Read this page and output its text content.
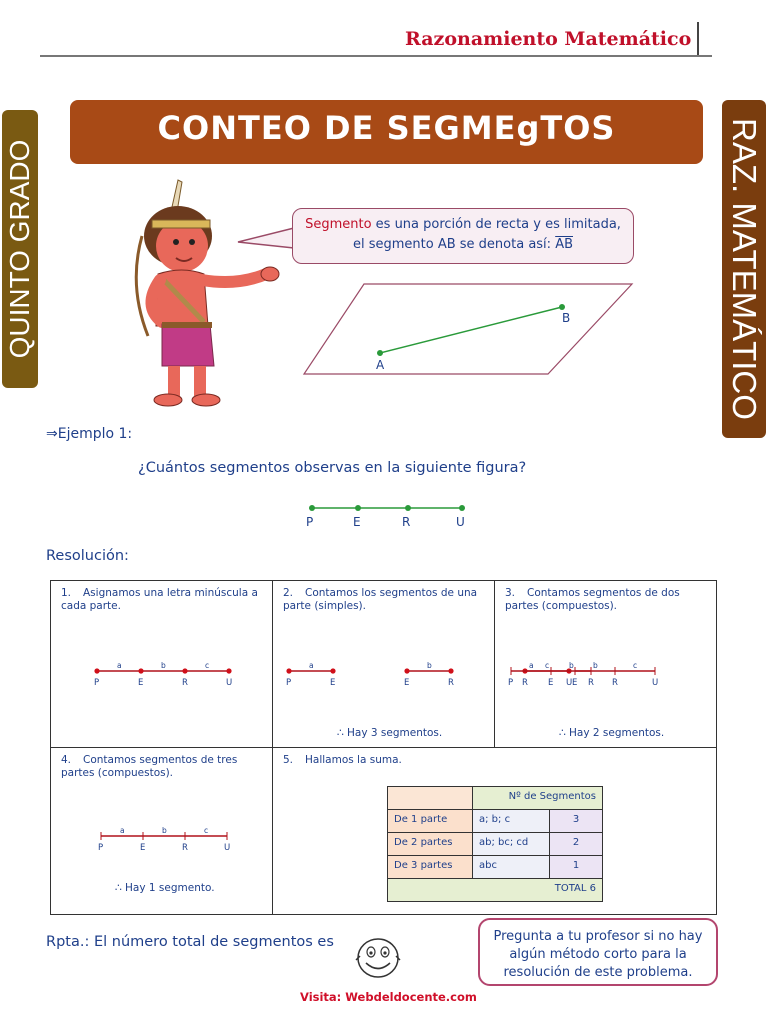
Razonamiento Matemático
CONTEO DE SEGMEgTOS
QUINTO GRADO	RAZ. MATEMÁTICO
Segmento es una porción de recta y es limitada,
el segmento AB se denota así: $\overline{AB}$
A
B
⇒Ejemplo 1:
¿Cuántos segmentos observas en la siguiente figura?
P	E	R	U
Resolución:
1. Asignamos una letra minúscula a cada parte.
P	E	R	U
a	b	c

2. Contamos los segmentos de una parte (simples).
P	E
a
E	R
b
R	U
c
∴ Hay 3 segmentos.

3. Contamos segmentos de dos partes (compuestos).
P	E	R
a	b
E	R	U
b	c
∴ Hay 2 segmentos.

4. Contamos segmentos de tres partes (compuestos).
P	E	R	U
a	b	c
∴ Hay 1 segmento.

5. Hallamos la suma.
	Nº de Segmentos
De 1 parte	a; b; c	3
De 2 partes	ab; bc; cd	2
De 3 partes	abc	1
TOTAL 6
Rpta.: El número total de segmentos es	Pregunta a tu profesor si no hay algún método corto para la resolución de este problema.
Visita: Webdeldocente.com
